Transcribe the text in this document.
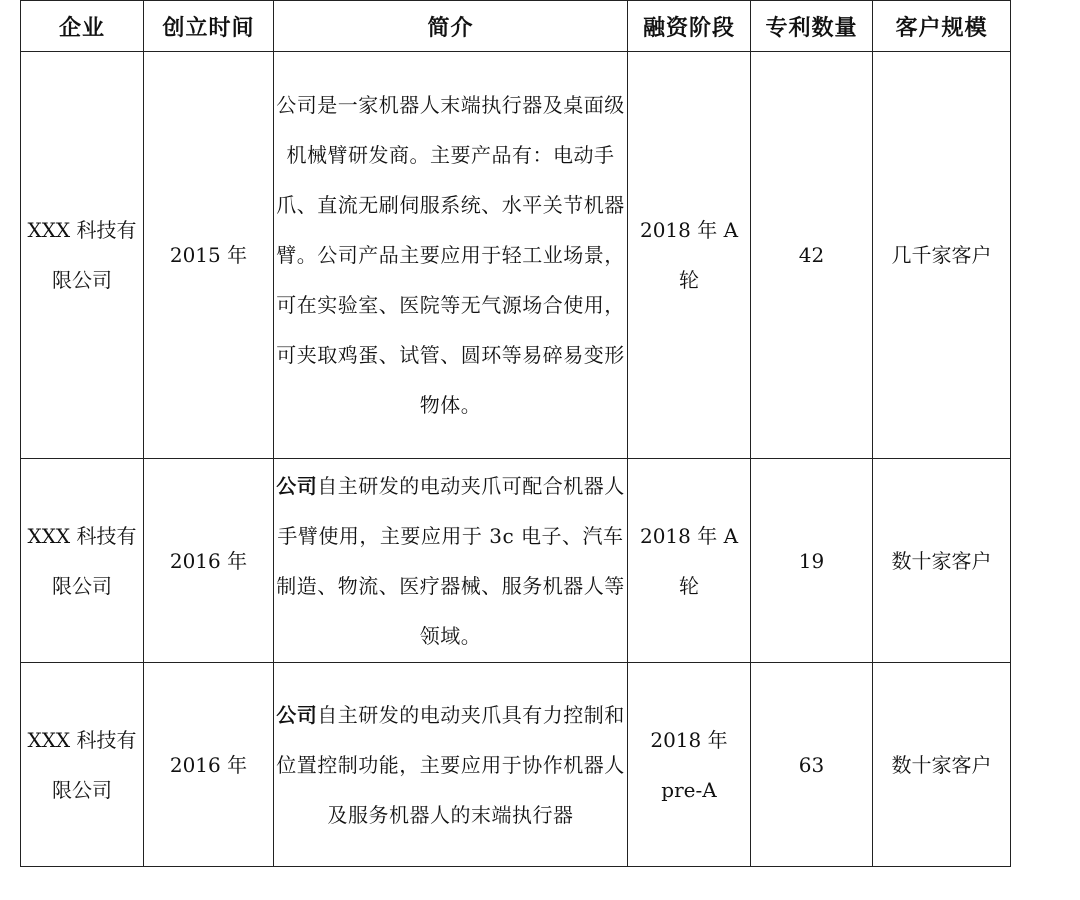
企业	创立时间	简介	融资阶段	专利数量	客户规模
XXX 科技有限公司	2015 年	公司是一家机器人末端执行器及桌面级机械臂研发商。主要产品有：电动手爪、直流无刷伺服系统、水平关节机器臂。公司产品主要应用于轻工业场景，可在实验室、医院等无气源场合使用，可夹取鸡蛋、试管、圆环等易碎易变形物体。	2018 年 A 轮	42	几千家客户
XXX 科技有限公司	2016 年	公司自主研发的电动夹爪可配合机器人手臂使用，主要应用于 3c 电子、汽车制造、物流、医疗器械、服务机器人等领域。	2018 年 A 轮	19	数十家客户
XXX 科技有限公司	2016 年	公司自主研发的电动夹爪具有力控制和位置控制功能，主要应用于协作机器人及服务机器人的末端执行器	2018 年 pre-A	63	数十家客户
